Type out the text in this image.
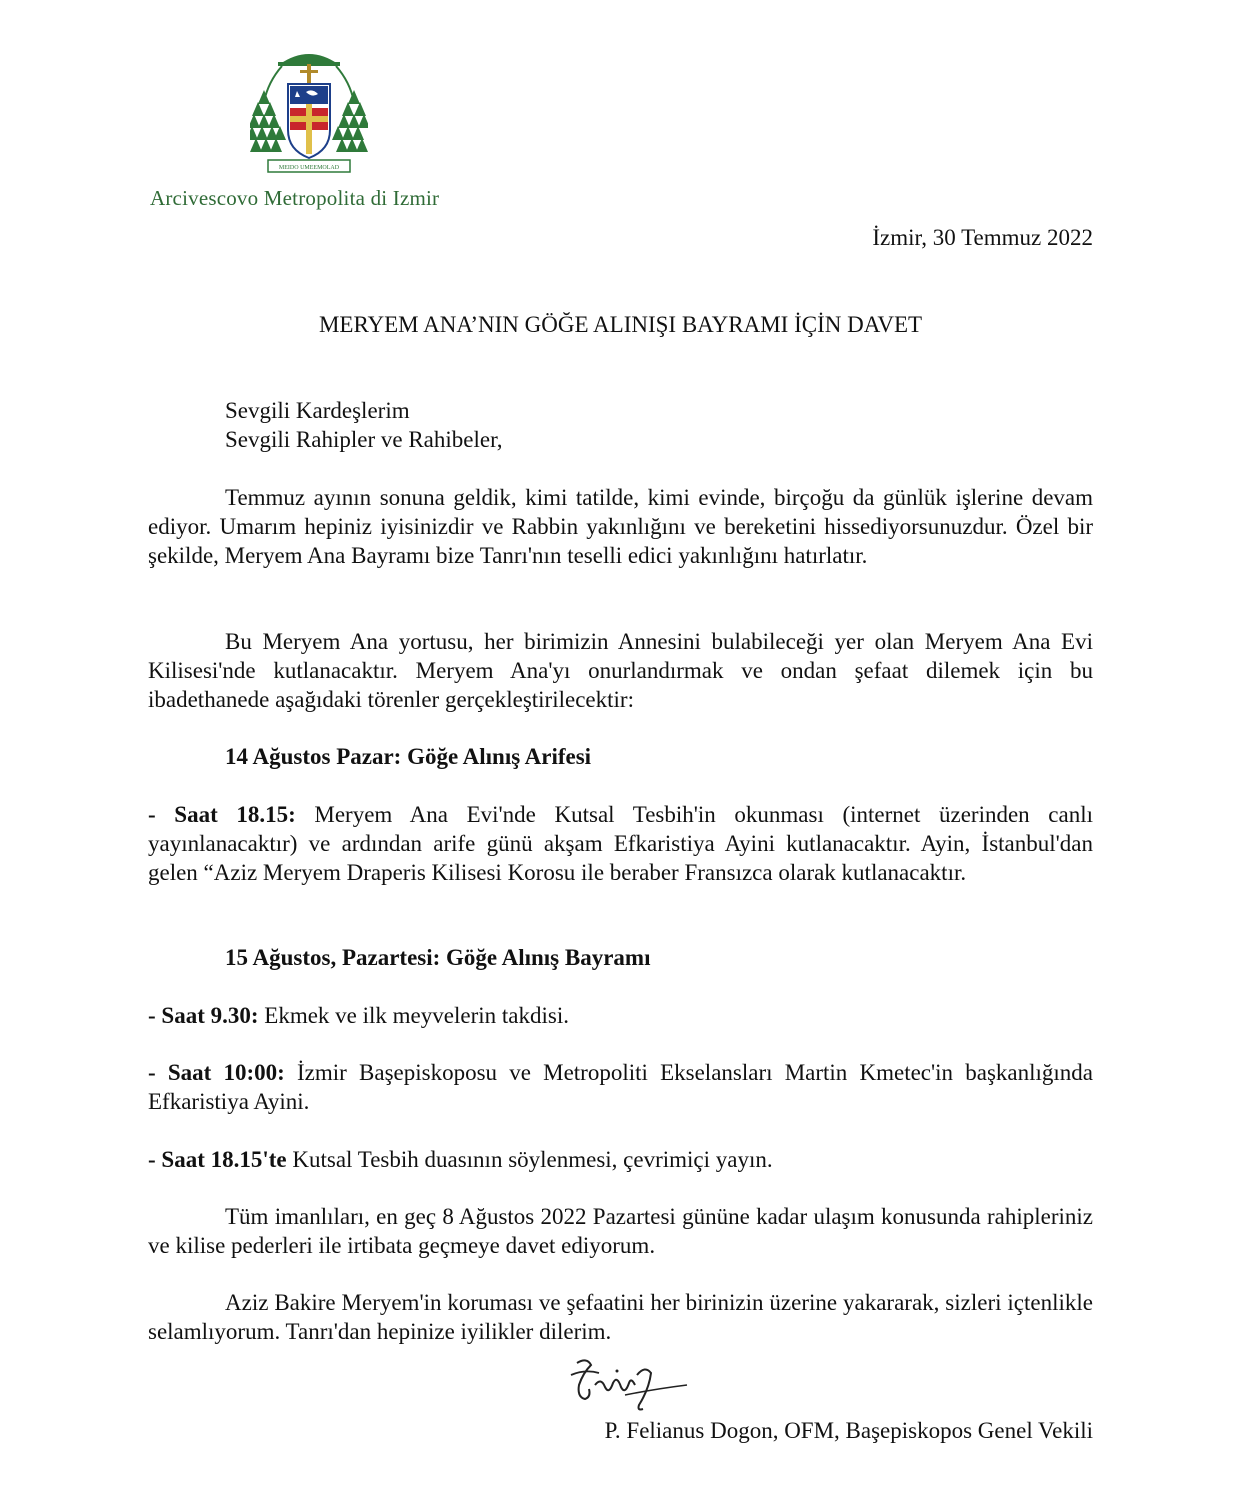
MEIDO UMEEMOLAD
Arcivescovo Metropolita di Izmir
İzmir, 30 Temmuz 2022
MERYEM ANA’NIN GÖĞE ALINIŞI BAYRAMI İÇİN DAVET
Sevgili Kardeşlerim
Sevgili Rahipler ve Rahibeler,
Temmuz ayının sonuna geldik, kimi tatilde, kimi evinde, birçoğu da günlük işlerine devam ediyor. Umarım hepiniz iyisinizdir ve Rabbin yakınlığını ve bereketini hissediyorsunuzdur. Özel bir şekilde, Meryem Ana Bayramı bize Tanrı'nın teselli edici yakınlığını hatırlatır.
Bu Meryem Ana yortusu, her birimizin Annesini bulabileceği yer olan Meryem Ana Evi Kilisesi'nde kutlanacaktır. Meryem Ana'yı onurlandırmak ve ondan şefaat dilemek için bu ibadethanede aşağıdaki törenler gerçekleştirilecektir:
14 Ağustos Pazar: Göğe Alınış Arifesi
- Saat 18.15: Meryem Ana Evi'nde Kutsal Tesbih'in okunması (internet üzerinden canlı yayınlanacaktır) ve ardından arife günü akşam Efkaristiya Ayini kutlanacaktır. Ayin, İstanbul'dan gelen “Aziz Meryem Draperis Kilisesi Korosu ile beraber Fransızca olarak kutlanacaktır.
15 Ağustos, Pazartesi: Göğe Alınış Bayramı
- Saat 9.30: Ekmek ve ilk meyvelerin takdisi.
- Saat 10:00: İzmir Başepiskoposu ve Metropoliti Ekselansları Martin Kmetec'in başkanlığında Efkaristiya Ayini.
- Saat 18.15'te Kutsal Tesbih duasının söylenmesi, çevrimiçi yayın.
Tüm imanlıları, en geç 8 Ağustos 2022 Pazartesi gününe kadar ulaşım konusunda rahipleriniz ve kilise pederleri ile irtibata geçmeye davet ediyorum.
Aziz Bakire Meryem'in koruması ve şefaatini her birinizin üzerine yakararak, sizleri içtenlikle selamlıyorum. Tanrı'dan hepinize iyilikler dilerim.
P. Felianus Dogon, OFM, Başepiskopos Genel Vekili
